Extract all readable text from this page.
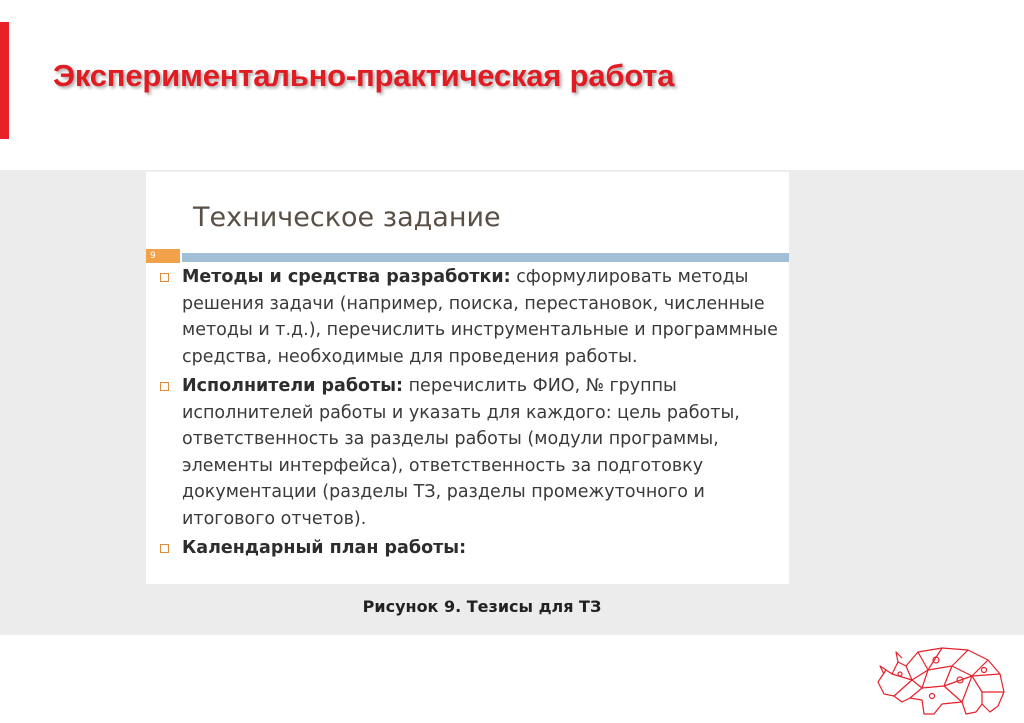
Экспериментально-практическая работа
Техническое задание
9
Методы и средства разработки: сформулировать методы решения задачи (например, поиска, перестановок, численные методы и т.д.), перечислить инструментальные и программные средства, необходимые для проведения работы.
Исполнители работы: перечислить ФИО, № группы исполнителей работы и указать для каждого: цель работы, ответственность за разделы работы (модули программы, элементы интерфейса), ответственность за подготовку документации (разделы ТЗ, разделы промежуточного и итогового отчетов).
Календарный план работы:
Рисунок 9. Тезисы для ТЗ
